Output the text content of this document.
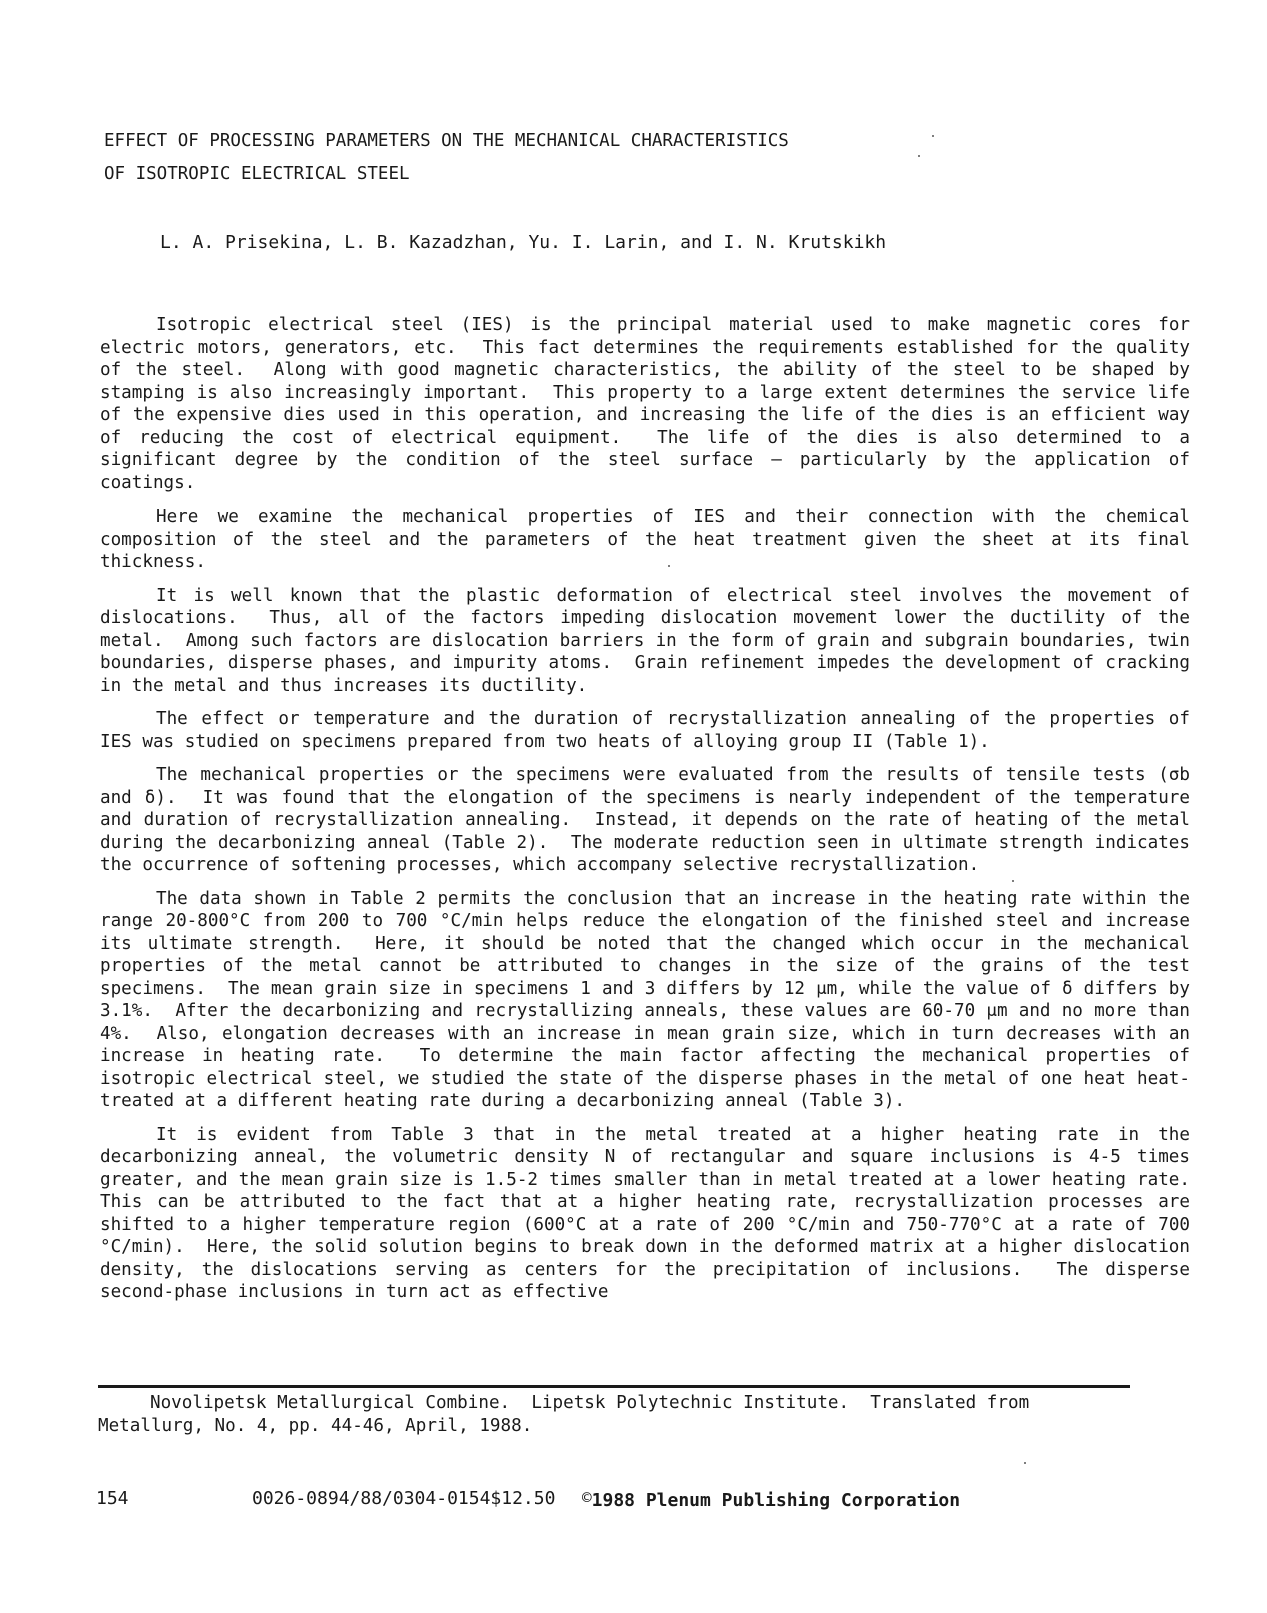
EFFECT OF PROCESSING PARAMETERS ON THE MECHANICAL CHARACTERISTICS
OF ISOTROPIC ELECTRICAL STEEL

L. A. Prisekina, L. B. Kazadzhan, Yu. I. Larin, and I. N. Krutskikh

Isotropic electrical steel (IES) is the principal material used to make magnetic cores for electric motors, generators, etc.  This fact determines the requirements established for the quality of the steel.  Along with good magnetic characteristics, the ability of the steel to be shaped by stamping is also increasingly important.  This property to a large extent determines the service life of the expensive dies used in this operation, and increasing the life of the dies is an efficient way of reducing the cost of electrical equipment.  The life of the dies is also determined to a significant degree by the condition of the steel surface – particularly by the application of coatings.

Here we examine the mechanical properties of IES and their connection with the chemical composition of the steel and the parameters of the heat treatment given the sheet at its final thickness.

It is well known that the plastic deformation of electrical steel involves the movement of dislocations.  Thus, all of the factors impeding dislocation movement lower the ductility of the metal.  Among such factors are dislocation barriers in the form of grain and subgrain boundaries, twin boundaries, disperse phases, and impurity atoms.  Grain refinement impedes the development of cracking in the metal and thus increases its ductility.

The effect or temperature and the duration of recrystallization annealing of the properties of IES was studied on specimens prepared from two heats of alloying group II (Table 1).

The mechanical properties or the specimens were evaluated from the results of tensile tests (σb and δ).  It was found that the elongation of the specimens is nearly independent of the temperature and duration of recrystallization annealing.  Instead, it depends on the rate of heating of the metal during the decarbonizing anneal (Table 2).  The moderate reduction seen in ultimate strength indicates the occurrence of softening processes, which accompany selective recrystallization.

The data shown in Table 2 permits the conclusion that an increase in the heating rate within the range 20-800°C from 200 to 700 °C/min helps reduce the elongation of the finished steel and increase its ultimate strength.  Here, it should be noted that the changed which occur in the mechanical properties of the metal cannot be attributed to changes in the size of the grains of the test specimens.  The mean grain size in specimens 1 and 3 differs by 12 μm, while the value of δ differs by 3.1%.  After the decarbonizing and recrystallizing anneals, these values are 60-70 μm and no more than 4%.  Also, elongation decreases with an increase in mean grain size, which in turn decreases with an increase in heating rate.  To determine the main factor affecting the mechanical properties of isotropic electrical steel, we studied the state of the disperse phases in the metal of one heat heat-treated at a different heating rate during a decarbonizing anneal (Table 3).

It is evident from Table 3 that in the metal treated at a higher heating rate in the decarbonizing anneal, the volumetric density N of rectangular and square inclusions is 4-5 times greater, and the mean grain size is 1.5-2 times smaller than in metal treated at a lower heating rate.  This can be attributed to the fact that at a higher heating rate, recrystallization processes are shifted to a higher temperature region (600°C at a rate of 200 °C/min and 750-770°C at a rate of 700 °C/min).  Here, the solid solution begins to break down in the deformed matrix at a higher dislocation density, the dislocations serving as centers for the precipitation of inclusions.  The disperse second-phase inclusions in turn act as effective

Novolipetsk Metallurgical Combine.  Lipetsk Polytechnic Institute.  Translated from Metallurg, No. 4, pp. 44-46, April, 1988.

154	0026-0894/88/0304-0154$12.50 ©1988 Plenum Publishing Corporation
